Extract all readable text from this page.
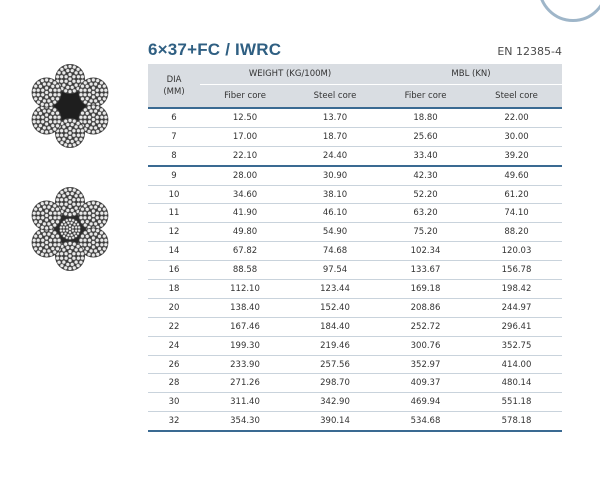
6×37+FC / IWRC	EN 12385-4
DIA
(MM)	WEIGHT (KG/100M)		MBL (KN)	
	Fiber core	Steel core	Fiber core	Steel core
6	12.50	13.70	18.80	22.00
7	17.00	18.70	25.60	30.00
8	22.10	24.40	33.40	39.20
9	28.00	30.90	42.30	49.60
10	34.60	38.10	52.20	61.20
11	41.90	46.10	63.20	74.10
12	49.80	54.90	75.20	88.20
14	67.82	74.68	102.34	120.03
16	88.58	97.54	133.67	156.78
18	112.10	123.44	169.18	198.42
20	138.40	152.40	208.86	244.97
22	167.46	184.40	252.72	296.41
24	199.30	219.46	300.76	352.75
26	233.90	257.56	352.97	414.00
28	271.26	298.70	409.37	480.14
30	311.40	342.90	469.94	551.18
32	354.30	390.14	534.68	578.18
